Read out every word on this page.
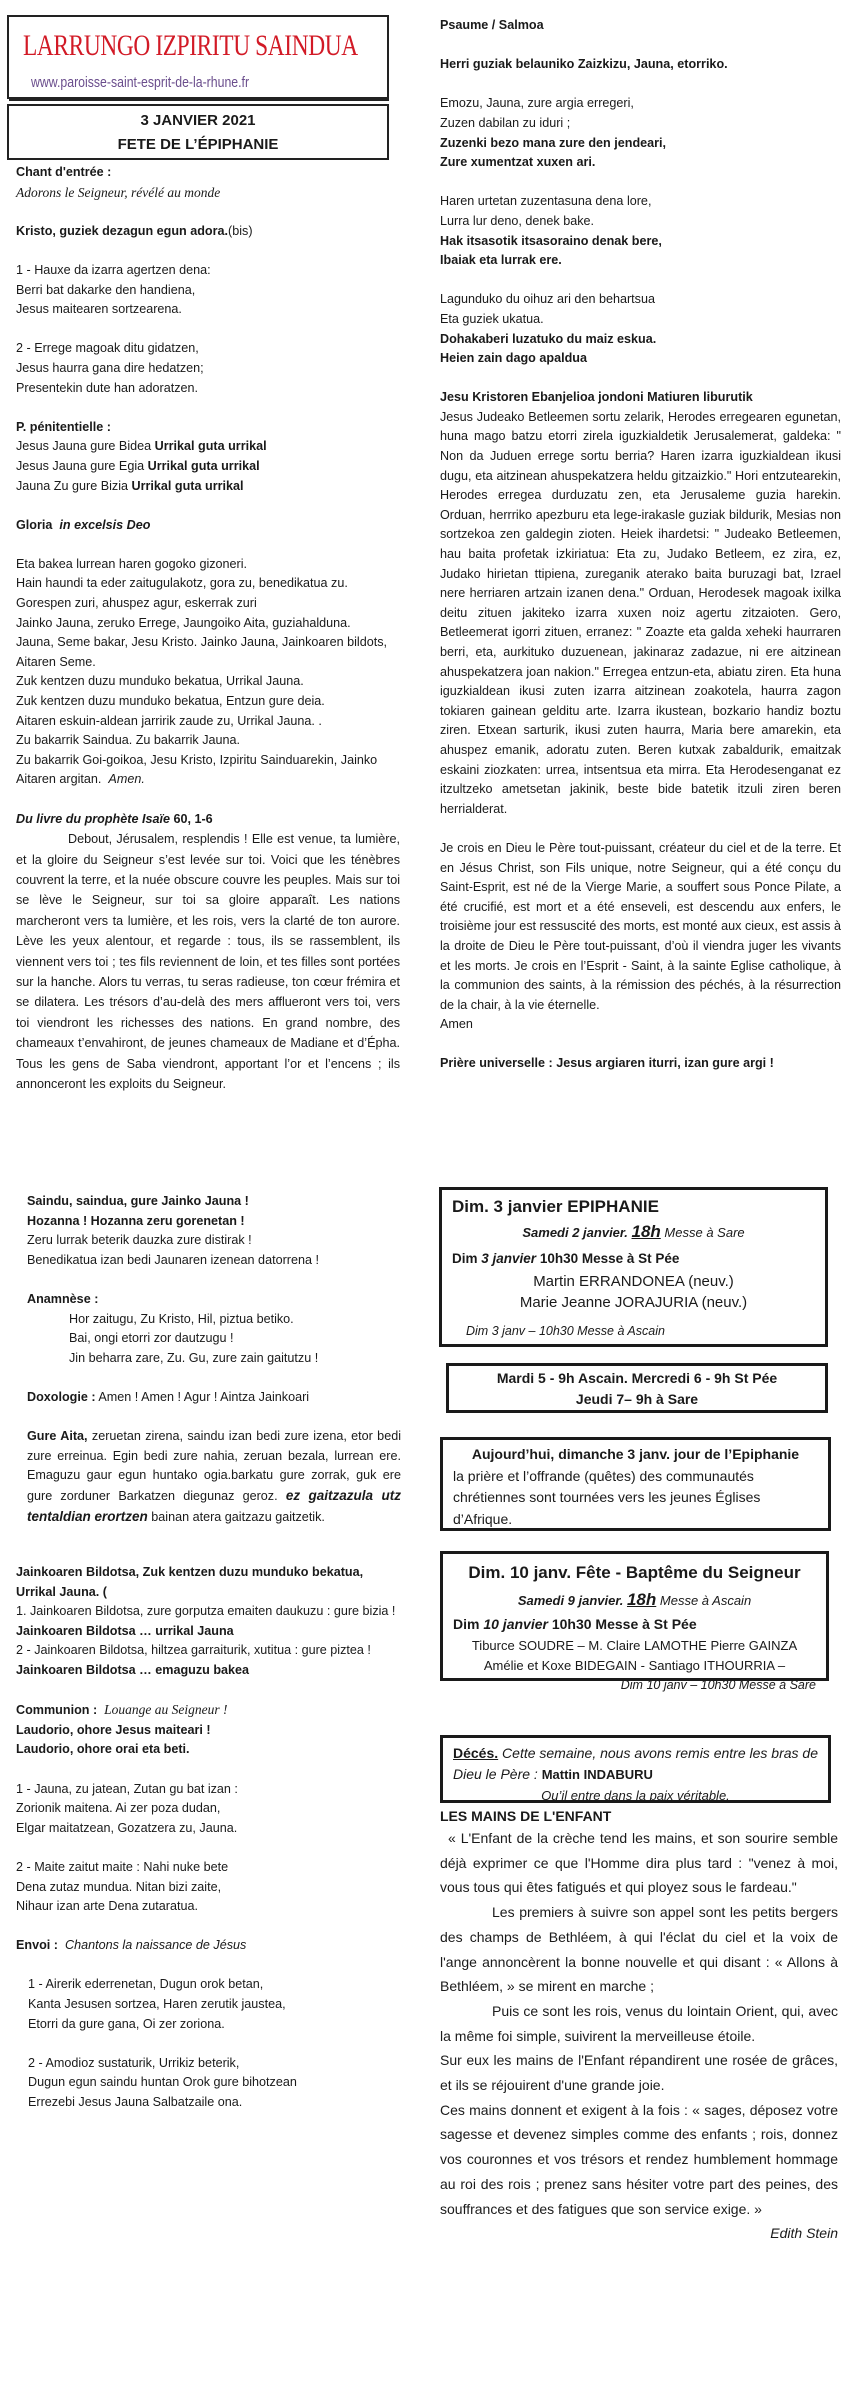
LARRUNGO IZPIRITU SAINDUA
www.paroisse-saint-esprit-de-la-rhune.fr
3 JANVIER 2021
FETE DE L’ÉPIPHANIE
Chant d'entrée :
Adorons le Seigneur, révélé au monde
Kristo, guziek dezagun egun adora.(bis)
1 - Hauxe da izarra agertzen dena:
Berri bat dakarke den handiena,
Jesus maitearen sortzearena.
2 - Errege magoak ditu gidatzen,
Jesus haurra gana dire hedatzen;
Presentekin dute han adoratzen.
P. pénitentielle :
Jesus Jauna gure Bidea Urrikal guta urrikal
Jesus Jauna gure Egia Urrikal guta urrikal
Jauna Zu gure Bizia Urrikal guta urrikal
Gloria in excelsis Deo
Eta bakea lurrean haren gogoko gizoneri.
Hain haundi ta eder zaitugulakotz, gora zu, benedikatua zu.
Gorespen zuri, ahuspez agur, eskerrak zuri
Jainko Jauna, zeruko Errege, Jaungoiko Aita, guziahalduna.
Jauna, Seme bakar, Jesu Kristo. Jainko Jauna, Jainkoaren bildots, Aitaren Seme.
Zuk kentzen duzu munduko bekatua, Urrikal Jauna.
Zuk kentzen duzu munduko bekatua, Entzun gure deia.
Aitaren eskuin-aldean jarririk zaude zu, Urrikal Jauna. .
Zu bakarrik Saindua. Zu bakarrik Jauna.
Zu bakarrik Goi-goikoa, Jesu Kristo, Izpiritu Sainduarekin, Jainko Aitaren argitan. Amen.
Du livre du prophète Isaïe 60, 1-6
Debout, Jérusalem, resplendis ! Elle est venue, ta lumière, et la gloire du Seigneur s’est levée sur toi. Voici que les ténèbres couvrent la terre, et la nuée obscure couvre les peuples. Mais sur toi se lève le Seigneur, sur toi sa gloire apparaît. Les nations marcheront vers ta lumière, et les rois, vers la clarté de ton aurore. Lève les yeux alentour, et regarde : tous, ils se rassemblent, ils viennent vers toi ; tes fils reviennent de loin, et tes filles sont portées sur la hanche. Alors tu verras, tu seras radieuse, ton cœur frémira et se dilatera. Les trésors d’au-delà des mers afflueront vers toi, vers toi viendront les richesses des nations. En grand nombre, des chameaux t’envahiront, de jeunes chameaux de Madiane et d’Épha. Tous les gens de Saba viendront, apportant l’or et l’encens ; ils annonceront les exploits du Seigneur.
Saindu, saindua, gure Jainko Jauna !
Hozanna ! Hozanna zeru gorenetan !
Zeru lurrak beterik dauzka zure distirak !
Benedikatua izan bedi Jaunaren izenean datorrena !
Anamnèse :
Hor zaitugu, Zu Kristo, Hil, piztua betiko.
Bai, ongi etorri zor dautzugu !
Jin beharra zare, Zu. Gu, zure zain gaitutzu !
Doxologie : Amen ! Amen ! Agur ! Aintza Jainkoari
Gure Aita, zeruetan zirena, saindu izan bedi zure izena, etor bedi zure erreinua. Egin bedi zure nahia, zeruan bezala, lurrean ere. Emaguzu gaur egun huntako ogia.barkatu gure zorrak, guk ere gure zorduner Barkatzen diegunaz geroz. ez gaitzazula utz tentaldian erortzen bainan atera gaitzazu gaitzetik.
Jainkoaren Bildotsa, Zuk kentzen duzu munduko bekatua, Urrikal Jauna. (
1. Jainkoaren Bildotsa, zure gorputza emaiten daukuzu : gure bizia ! Jainkoaren Bildotsa … urrikal Jauna
2 - Jainkoaren Bildotsa, hiltzea garraiturik, xutitua : gure piztea ! Jainkoaren Bildotsa … emaguzu bakea
Communion : Louange au Seigneur !
Laudorio, ohore Jesus maiteari !
Laudorio, ohore orai eta beti.
1 - Jauna, zu jatean, Zutan gu bat izan :
Zorionik maitena. Ai zer poza dudan,
Elgar maitatzean, Gozatzera zu, Jauna.
2 - Maite zaitut maite : Nahi nuke bete
Dena zutaz mundua. Nitan bizi zaite,
Nihaur izan arte Dena zutaratua.
Envoi : Chantons la naissance de Jésus
1 - Airerik ederrenetan, Dugun orok betan,
Kanta Jesusen sortzea, Haren zerutik jaustea,
Etorri da gure gana, Oi zer zoriona.
2 - Amodioz sustaturik, Urrikiz beterik,
Dugun egun saindu huntan Orok gure bihotzean
Errezebi Jesus Jauna Salbatzaile ona.
Psaume / Salmoa
Herri guziak belauniko Zaizkizu, Jauna, etorriko.
Emozu, Jauna, zure argia erregeri,
Zuzen dabilan zu iduri ;
Zuzenki bezo mana zure den jendeari,
Zure xumentzat xuxen ari.
Haren urtetan zuzentasuna dena lore,
Lurra lur deno, denek bake.
Hak itsasotik itsasoraino denak bere,
Ibaiak eta lurrak ere.
Lagunduko du oihuz ari den behartsua
Eta guziek ukatua.
Dohakaberi luzatuko du maiz eskua.
Heien zain dago apaldua
Jesu Kristoren Ebanjelioa jondoni Matiuren liburutik
Jesus Judeako Betleemen sortu zelarik, Herodes erregearen egunetan, huna mago batzu etorri zirela iguzkialdetik Jerusalemerat, galdeka: " Non da Juduen errege sortu berria? Haren izarra iguzkialdean ikusi dugu, eta aitzinean ahuspekatzera heldu gitzaizkio." Hori entzutearekin, Herodes erregea durduzatu zen, eta Jerusaleme guzia harekin. Orduan, herrriko apezburu eta lege-irakasle guziak bildurik, Mesias non sortzekoa zen galdegin zioten. Heiek ihardetsi: " Judeako Betleemen, hau baita profetak izkiriatua: Eta zu, Judako Betleem, ez zira, ez, Judako hirietan ttipiena, zureganik aterako baita buruzagi bat, Izrael nere herriaren artzain izanen dena." Orduan, Herodesek magoak ixilka deitu zituen jakiteko izarra xuxen noiz agertu zitzaioten. Gero, Betleemerat igorri zituen, erranez: " Zoazte eta galda xeheki haurraren berri, eta, aurkituko duzuenean, jakinaraz zadazue, ni ere aitzinean ahuspekatzera joan nakion." Erregea entzun-eta, abiatu ziren. Eta huna iguzkialdean ikusi zuten izarra aitzinean zoakotela, haurra zagon tokiaren gainean gelditu arte. Izarra ikustean, bozkario handiz boztu ziren. Etxean sarturik, ikusi zuten haurra, Maria bere amarekin, eta ahuspez emanik, adoratu zuten. Beren kutxak zabaldurik, emaitzak eskaini ziozkaten: urrea, intsentsua eta mirra. Eta Herodesenganat ez itzultzeko ametsetan jakinik, beste bide batetik itzuli ziren beren herrialderat.
Je crois en Dieu le Père tout-puissant, créateur du ciel et de la terre. Et en Jésus Christ, son Fils unique, notre Seigneur, qui a été conçu du Saint-Esprit, est né de la Vierge Marie, a souffert sous Ponce Pilate, a été crucifié, est mort et a été enseveli, est descendu aux enfers, le troisième jour est ressuscité des morts, est monté aux cieux, est assis à la droite de Dieu le Père tout-puissant, d’où il viendra juger les vivants et les morts. Je crois en l’Esprit - Saint, à la sainte Eglise catholique, à la communion des saints, à la rémission des péchés, à la résurrection de la chair, à la vie éternelle.
Amen
Prière universelle : Jesus argiaren iturri, izan gure argi !
Dim. 3 janvier EPIPHANIE
Samedi 2 janvier. 18h Messe à Sare
Dim 3 janvier 10h30 Messe à St Pée
Martin ERRANDONEA (neuv.)
Marie Jeanne JORAJURIA (neuv.)
Dim 3 janv – 10h30 Messe à Ascain
Mardi 5 - 9h Ascain. Mercredi 6 - 9h St Pée
Jeudi 7– 9h à Sare
Aujourd’hui, dimanche 3 janv. jour de l’Epiphanie
la prière et l’offrande (quêtes) des communautés chrétiennes sont tournées vers les jeunes Églises d’Afrique.
Dim. 10 janv. Fête - Baptême du Seigneur
Samedi 9 janvier. 18h Messe à Ascain
Dim 10 janvier 10h30 Messe à St Pée
Tiburce SOUDRE – M. Claire LAMOTHE Pierre GAINZA
Amélie et Koxe BIDEGAIN - Santiago ITHOURRIA –
Dim 10 janv – 10h30 Messe à Sare
Décés. Cette semaine, nous avons remis entre les bras de Dieu le Père : Mattin INDABURU
Qu’il entre dans la paix véritable.
LES MAINS DE L'ENFANT
« L'Enfant de la crèche tend les mains, et son sourire semble déjà exprimer ce que l'Homme dira plus tard : "venez à moi, vous tous qui êtes fatigués et qui ployez sous le fardeau."
Les premiers à suivre son appel sont les petits bergers des champs de Bethléem, à qui l'éclat du ciel et la voix de l'ange annoncèrent la bonne nouvelle et qui disant : « Allons à Bethléem, » se mirent en marche ;
Puis ce sont les rois, venus du lointain Orient, qui, avec la même foi simple, suivirent la merveilleuse étoile.
Sur eux les mains de l'Enfant répandirent une rosée de grâces, et ils se réjouirent d'une grande joie.
Ces mains donnent et exigent à la fois : « sages, déposez votre sagesse et devenez simples comme des enfants ; rois, donnez vos couronnes et vos trésors et rendez humblement hommage au roi des rois ; prenez sans hésiter votre part des peines, des souffrances et des fatigues que son service exige. »
Edith Stein
